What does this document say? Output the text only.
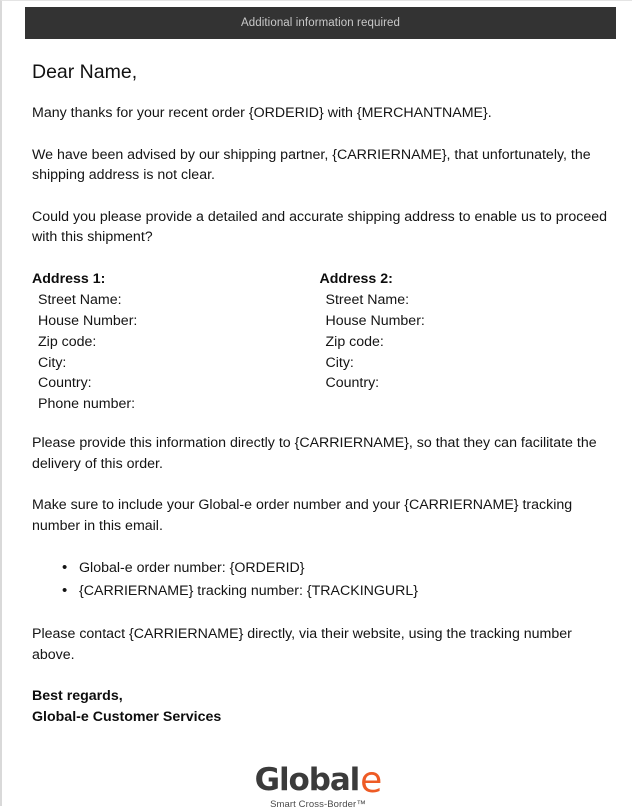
Additional information required
Dear Name,

Many thanks for your recent order {ORDERID} with {MERCHANTNAME}.

We have been advised by our shipping partner, {CARRIERNAME}, that unfortunately, the shipping address is not clear.

Could you please provide a detailed and accurate shipping address to enable us to proceed with this shipment?

Address 1:
Street Name:
House Number:
Zip code:
City:
Country:
Phone number:
Address 2:
Street Name:
House Number:
Zip code:
City:
Country:

Please provide this information directly to {CARRIERNAME}, so that they can facilitate the delivery of this order.

Make sure to include your Global-e order number and your {CARRIERNAME} tracking number in this email.

• Global-e order number: {ORDERID}
• {CARRIERNAME} tracking number: {TRACKINGURL}

Please contact {CARRIERNAME} directly, via their website, using the tracking number above.

Best regards,
Global-e Customer Services
Global e
Smart Cross-Border™
